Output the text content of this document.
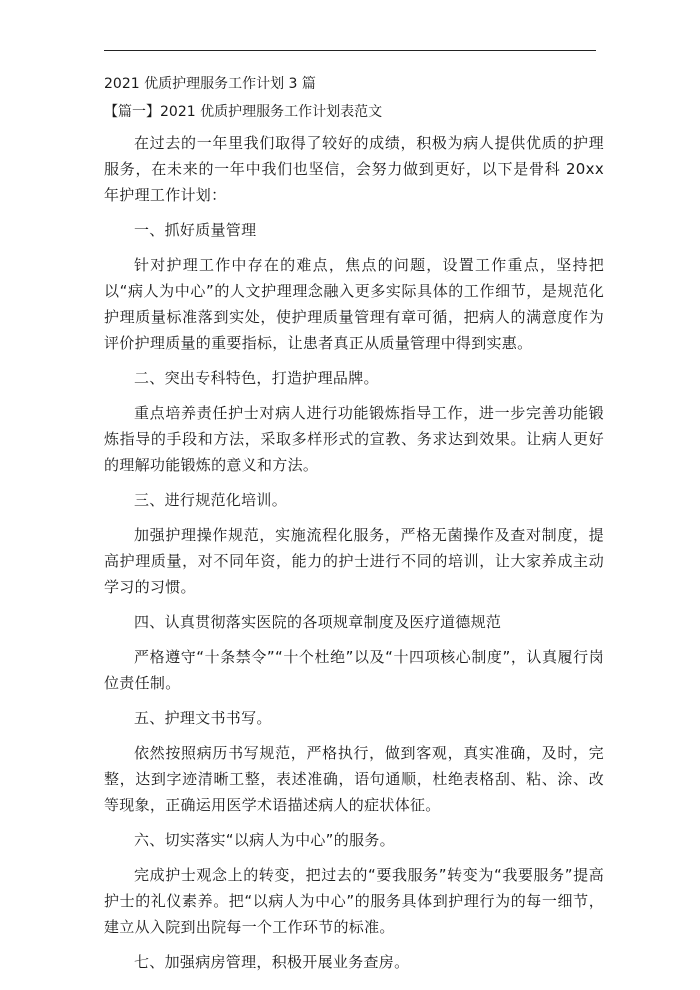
2021 优质护理服务工作计划 3 篇
【篇一】2021 优质护理服务工作计划表范文

在过去的一年里我们取得了较好的成绩，积极为病人提供优质的护理服务，在未来的一年中我们也坚信，会努力做到更好，以下是骨科 20xx 年护理工作计划：

一、抓好质量管理

针对护理工作中存在的难点，焦点的问题，设置工作重点，坚持把以“病人为中心”的人文护理理念融入更多实际具体的工作细节，是规范化护理质量标准落到实处，使护理质量管理有章可循，把病人的满意度作为评价护理质量的重要指标，让患者真正从质量管理中得到实惠。

二、突出专科特色，打造护理品牌。

重点培养责任护士对病人进行功能锻炼指导工作，进一步完善功能锻炼指导的手段和方法，采取多样形式的宣教、务求达到效果。让病人更好的理解功能锻炼的意义和方法。

三、进行规范化培训。

加强护理操作规范，实施流程化服务，严格无菌操作及查对制度，提高护理质量，对不同年资，能力的护士进行不同的培训，让大家养成主动学习的习惯。

四、认真贯彻落实医院的各项规章制度及医疗道德规范

严格遵守“十条禁令”“十个杜绝”以及“十四项核心制度”，认真履行岗位责任制。

五、护理文书书写。

依然按照病历书写规范，严格执行，做到客观，真实准确，及时，完整，达到字迹清晰工整，表述准确，语句通顺，杜绝表格刮、粘、涂、改等现象，正确运用医学术语描述病人的症状体征。

六、切实落实“以病人为中心”的服务。

完成护士观念上的转变，把过去的“要我服务”转变为“我要服务”提高护士的礼仪素养。把“以病人为中心”的服务具体到护理行为的每一细节，建立从入院到出院每一个工作环节的标准。

七、加强病房管理，积极开展业务查房。
